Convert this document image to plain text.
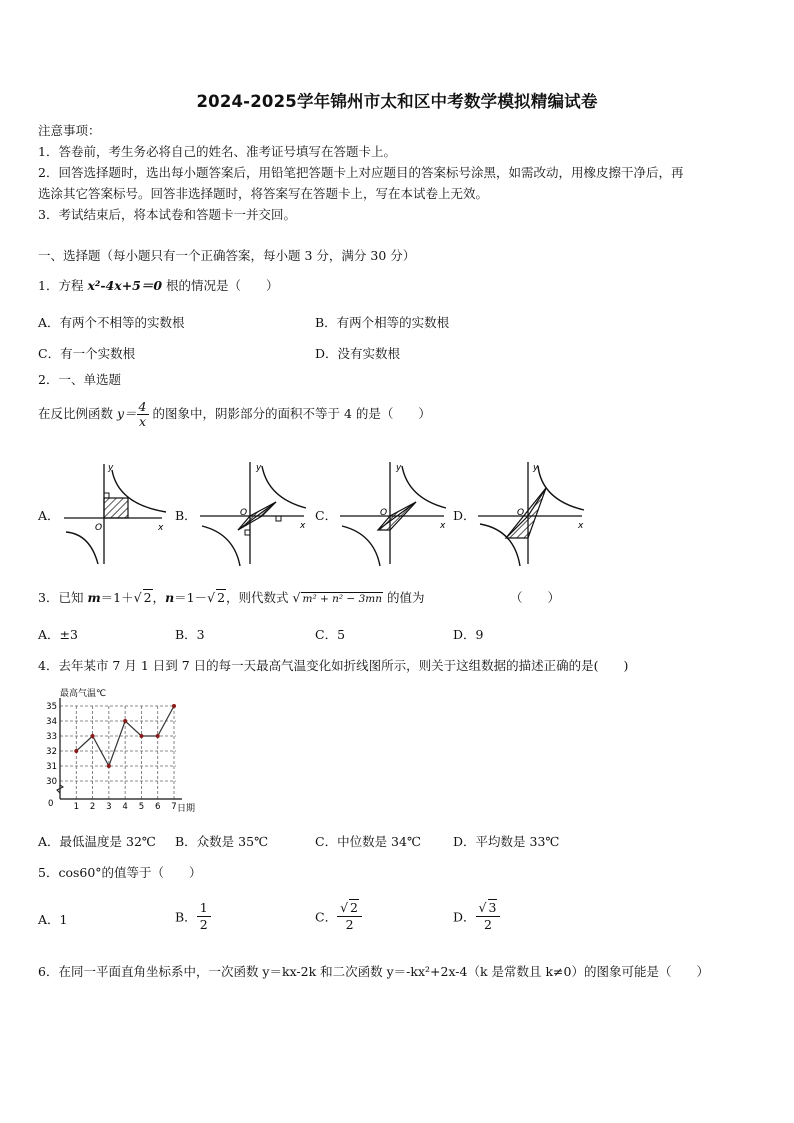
2024-2025学年锦州市太和区中考数学模拟精编试卷
注意事项：
1．答卷前，考生务必将自己的姓名、准考证号填写在答题卡上。
2．回答选择题时，选出每小题答案后，用铅笔把答题卡上对应题目的答案标号涂黑，如需改动，用橡皮擦干净后，再
选涂其它答案标号。回答非选择题时，将答案写在答题卡上，写在本试卷上无效。
3．考试结束后，将本试卷和答题卡一并交回。
一、选择题（每小题只有一个正确答案，每小题 3 分，满分 30 分）
1．方程 x²-4x+5＝0 根的情况是（　　）
A．有两个不相等的实数根	B．有两个相等的实数根
C．有一个实数根	D．没有实数根
2．一、单选题
在反比例函数 $y= \frac{4}{x}$ 的图象中，阴影部分的面积不等于 4 的是（　　）
A．
y
x
O
B．
y
x
O	C．
y
x
O	D．
y
x
O
3．已知 m＝1＋√ 2，n＝1－√ 2，则代数式 √ m² + n² − 3mn 的值为	（　　）
A．±3	B．3	C．5	D．9
4．去年某市 7 月 1 日到 7 日的每一天最高气温变化如折线图所示，则关于这组数据的描述正确的是(　　)
30
31
32
33
34
35
1 2 3 4 5 6 7
最高气温℃
日期
0
A．最低温度是 32℃ B．众数是 35℃	C．中位数是 34℃	D．平均数是 33℃
5．cos60°的值等于（　　）
A．1	B． $\frac{1}{2}$	C． $\frac{√ 2}{2}$	D． $\frac{√ 3}{2}$
6．在同一平面直角坐标系中，一次函数 y＝kx-2k 和二次函数 y＝-kx²+2x-4（k 是常数且 k≠0）的图象可能是（　　）
